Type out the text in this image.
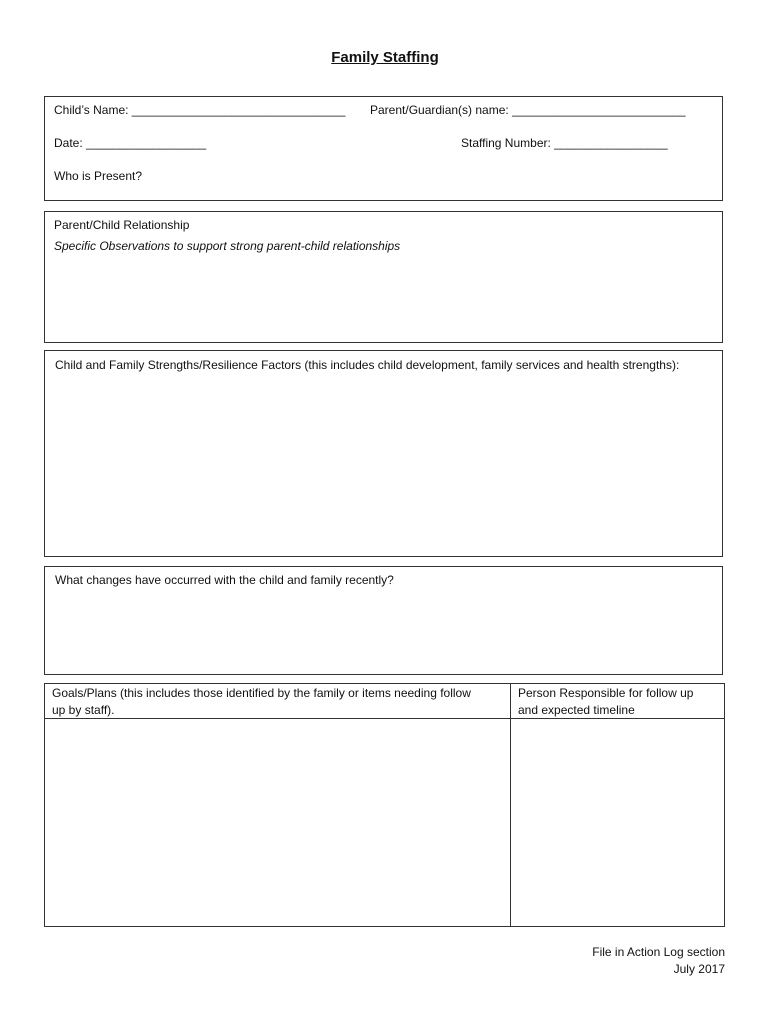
Family Staffing
Child’s Name: ________________________________ Parent/Guardian(s) name: __________________________
Date: __________________	Staffing Number: _________________
Who is Present?
Parent/Child Relationship
Specific Observations to support strong parent-child relationships
Child and Family Strengths/Resilience Factors (this includes child development, family services and health strengths):
What changes have occurred with the child and family recently?
Goals/Plans (this includes those identified by the family or items needing follow
up by staff).
Person Responsible for follow up
and expected timeline
File in Action Log section
July 2017
